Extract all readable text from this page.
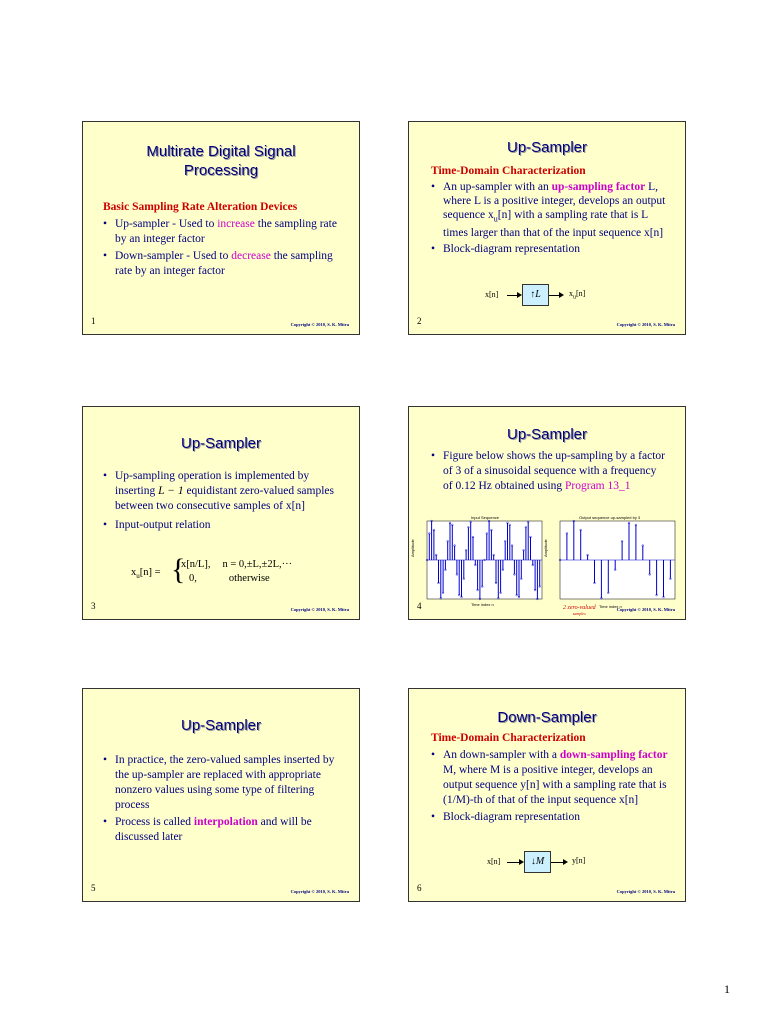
Multirate Digital Signal Processing
Basic Sampling Rate Alteration Devices
• Up-sampler - Used to increase the sampling rate by an integer factor
• Down-sampler - Used to decrease the sampling rate by an integer factor
1	Copyright © 2010, S. K. Mitra
Up-Sampler
Time-Domain Characterization
• An up-sampler with an up-sampling factor L, where L is a positive integer, develops an output sequence $x_u[n]$ with a sampling rate that is L times larger than that of the input sequence x[n]
• Block-diagram representation
x[n]	↑L	$x_u[n]$
2	Copyright © 2010, S. K. Mitra
Up-Sampler
• Up-sampling operation is implemented by inserting L − 1 equidistant zero-valued samples between two consecutive samples of x[n]
• Input-output relation
$x_u[n]$ = {
x[n/L], n = 0,±L,±2L,···
0,	otherwise
3	Copyright © 2010, S. K. Mitra
Up-Sampler
• Figure below shows the up-sampling by a factor of 3 of a sinusoidal sequence with a frequency of 0.12 Hz obtained using Program 13_1
Input Sequence	Output sequence up-sampled by 3
Time index n	Time index n
Amplitude	Amplitude
2 zero-valued
samples
4	Copyright © 2010, S. K. Mitra
Up-Sampler
• In practice, the zero-valued samples inserted by the up-sampler are replaced with appropriate nonzero values using some type of filtering process
• Process is called interpolation and will be discussed later
5	Copyright © 2010, S. K. Mitra
Down-Sampler
Time-Domain Characterization
• An down-sampler with a down-sampling factor M, where M is a positive integer, develops an output sequence y[n] with a sampling rate that is (1/M)-th of that of the input sequence x[n]
• Block-diagram representation
x[n]	↓M	y[n]
6	Copyright © 2010, S. K. Mitra
1
